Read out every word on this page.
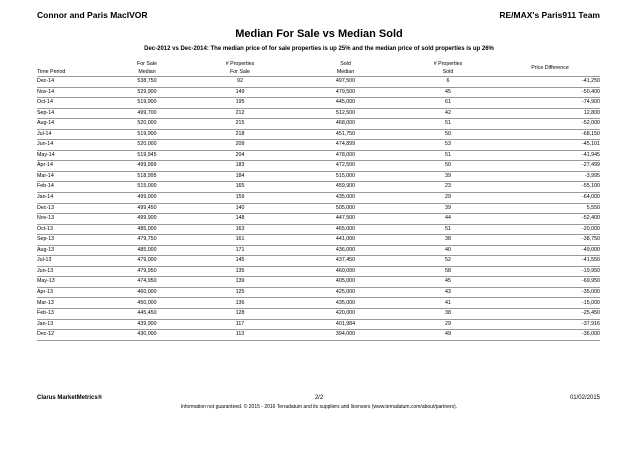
Connor and Paris MacIVOR	RE/MAX's Paris911 Team
Median For Sale vs Median Sold
Dec-2012 vs Dec-2014: The median price of for sale properties is up 25% and the median price of sold properties is up 26%
Time Period	For Sale	# Properties	Sold	# Properties	Price Difference
	Median	For Sale	Median	Sold	
Dec-14	538,750	92	497,500	6	-41,250
Nov-14	529,900	149	479,500	45	-50,400
Oct-14	519,900	195	445,000	61	-74,900
Sep-14	499,700	212	512,500	42	12,800
Aug-14	520,000	215	468,000	51	-52,000
Jul-14	519,900	218	451,750	50	-68,150
Jun-14	520,000	209	474,899	53	-45,101
May-14	519,945	204	478,000	51	-41,945
Apr-14	499,999	183	472,500	50	-27,499
Mar-14	518,995	184	515,000	39	-3,995
Feb-14	515,000	165	459,900	23	-55,100
Jan-14	499,000	159	435,000	29	-64,000
Dec-13	499,450	140	505,000	39	5,550
Nov-13	499,900	148	447,500	44	-52,400
Oct-13	485,000	163	465,000	51	-20,000
Sep-13	479,750	161	441,000	38	-38,750
Aug-13	485,000	171	436,000	40	-49,000
Jul-13	479,000	145	437,450	52	-41,550
Jun-13	479,950	135	460,000	58	-19,950
May-13	474,950	139	405,000	45	-69,950
Apr-13	460,000	125	425,000	43	-35,000
Mar-13	450,000	136	435,000	41	-15,000
Feb-13	445,450	128	420,000	38	-25,450
Jan-13	439,900	117	401,984	29	-37,916
Dec-12	430,000	113	394,000	49	-36,000
Clarus MarketMetrics®	2/2	01/02/2015
Information not guaranteed. © 2015 - 2016 Terradatum and its suppliers and licensors (www.terradatum.com/about/partners).
